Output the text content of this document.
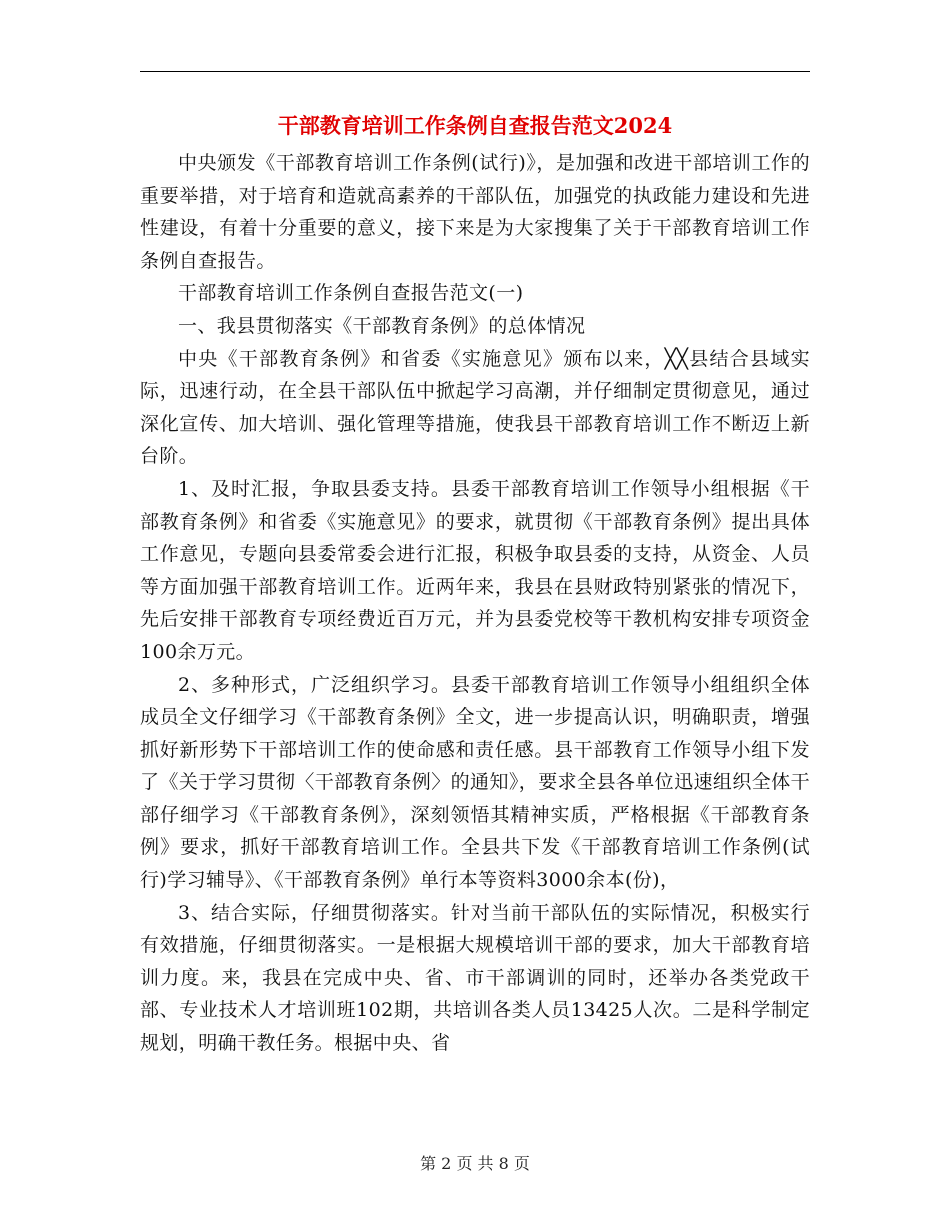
干部教育培训工作条例自查报告范文2024

中央颁发《干部教育培训工作条例(试行)》，是加强和改进干部培训工作的重要举措，对于培育和造就高素养的干部队伍，加强党的执政能力建设和先进性建设，有着十分重要的意义，接下来是为大家搜集了关于干部教育培训工作条例自查报告。

干部教育培训工作条例自查报告范文(一)

一、我县贯彻落实《干部教育条例》的总体情况

中央《干部教育条例》和省委《实施意见》颁布以来，╳╳县结合县域实际，迅速行动，在全县干部队伍中掀起学习高潮，并仔细制定贯彻意见，通过深化宣传、加大培训、强化管理等措施，使我县干部教育培训工作不断迈上新台阶。

1、及时汇报，争取县委支持。县委干部教育培训工作领导小组根据《干部教育条例》和省委《实施意见》的要求，就贯彻《干部教育条例》提出具体工作意见，专题向县委常委会进行汇报，积极争取县委的支持，从资金、人员等方面加强干部教育培训工作。近两年来，我县在县财政特别紧张的情况下，先后安排干部教育专项经费近百万元，并为县委党校等干教机构安排专项资金100余万元。

2、多种形式，广泛组织学习。县委干部教育培训工作领导小组组织全体成员全文仔细学习《干部教育条例》全文，进一步提高认识，明确职责，增强抓好新形势下干部培训工作的使命感和责任感。县干部教育工作领导小组下发了《关于学习贯彻〈干部教育条例〉的通知》，要求全县各单位迅速组织全体干部仔细学习《干部教育条例》，深刻领悟其精神实质，严格根据《干部教育条例》要求，抓好干部教育培训工作。全县共下发《干部教育培训工作条例(试行)学习辅导》、《干部教育条例》单行本等资料3000余本(份)，

3、结合实际，仔细贯彻落实。针对当前干部队伍的实际情况，积极实行有效措施，仔细贯彻落实。一是根据大规模培训干部的要求，加大干部教育培训力度。来，我县在完成中央、省、市干部调训的同时，还举办各类党政干部、专业技术人才培训班102期，共培训各类人员13425人次。二是科学制定规划，明确干教任务。根据中央、省

第 2 页 共 8 页
